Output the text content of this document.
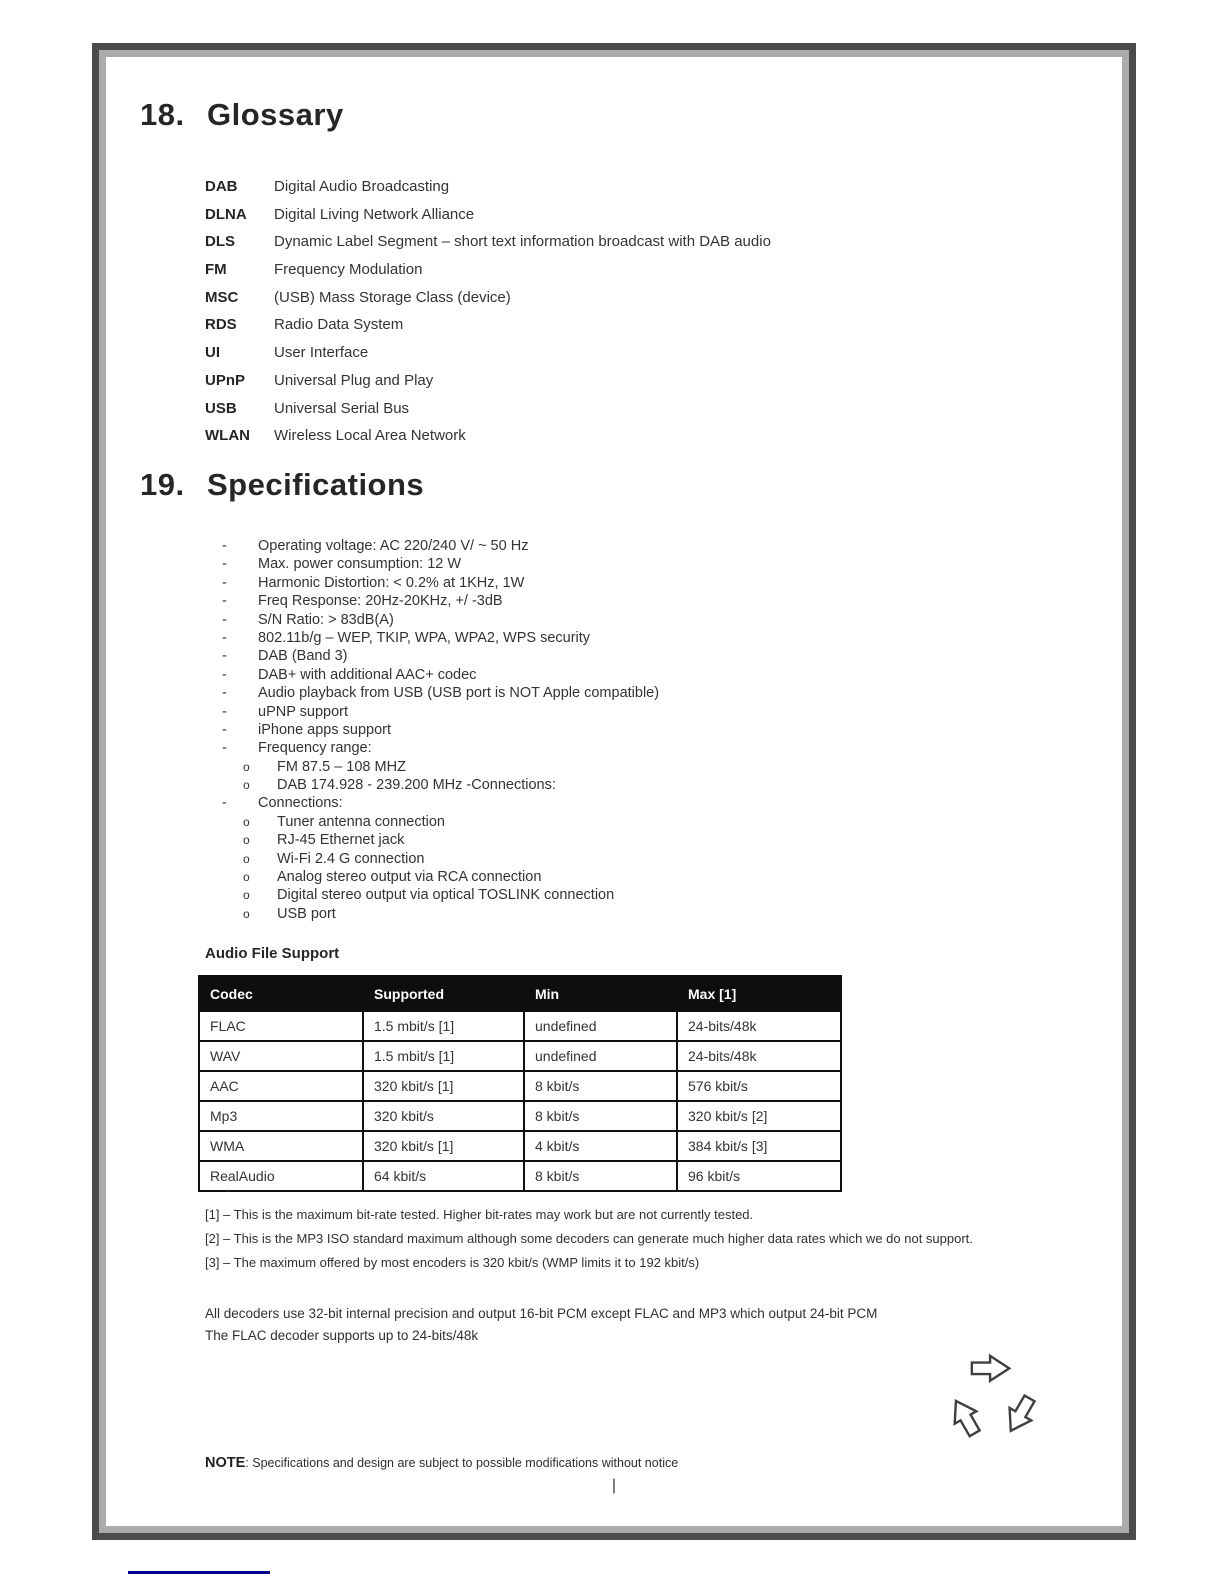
18. Glossary
DAB	Digital Audio Broadcasting
DLNA	Digital Living Network Alliance
DLS	Dynamic Label Segment – short text information broadcast with DAB audio
FM	Frequency Modulation
MSC	(USB) Mass Storage Class (device)
RDS	Radio Data System
UI	User Interface
UPnP	Universal Plug and Play
USB	Universal Serial Bus
WLAN	Wireless Local Area Network
19. Specifications
- Operating voltage: AC 220/240 V/ ~ 50 Hz
- Max. power consumption: 12 W
- Harmonic Distortion: < 0.2% at 1KHz, 1W
- Freq Response: 20Hz-20KHz, +/ -3dB
- S/N Ratio: > 83dB(A)
- 802.11b/g – WEP, TKIP, WPA, WPA2, WPS security
- DAB (Band 3)
- DAB+ with additional AAC+ codec
- Audio playback from USB (USB port is NOT Apple compatible)
- uPNP support
- iPhone apps support
- Frequency range:
o FM 87.5 – 108 MHZ
o DAB 174.928 - 239.200 MHz -Connections:
- Connections:
o Tuner antenna connection
o RJ-45 Ethernet jack
o Wi-Fi 2.4 G connection
o Analog stereo output via RCA connection
o Digital stereo output via optical TOSLINK connection
o USB port
Audio File Support
Codec	Supported	Min	Max [1]
FLAC	1.5 mbit/s [1]	undefined	24-bits/48k
WAV	1.5 mbit/s [1]	undefined	24-bits/48k
AAC	320 kbit/s [1]	8 kbit/s	576 kbit/s
Mp3	320 kbit/s	8 kbit/s	320 kbit/s [2]
WMA	320 kbit/s [1]	4 kbit/s	384 kbit/s [3]
RealAudio	64 kbit/s	8 kbit/s	96 kbit/s
-
[1] – This is the maximum bit-rate tested. Higher bit-rates may work but are not currently tested.
[2] – This is the MP3 ISO standard maximum although some decoders can generate much higher data rates which we do not support.
[3] – The maximum offered by most encoders is 320 kbit/s (WMP limits it to 192 kbit/s)
All decoders use 32-bit internal precision and output 16-bit PCM except FLAC and MP3 which output 24-bit PCM
The FLAC decoder supports up to 24-bits/48k
NOTE: Specifications and design are subject to possible modifications without notice
|
